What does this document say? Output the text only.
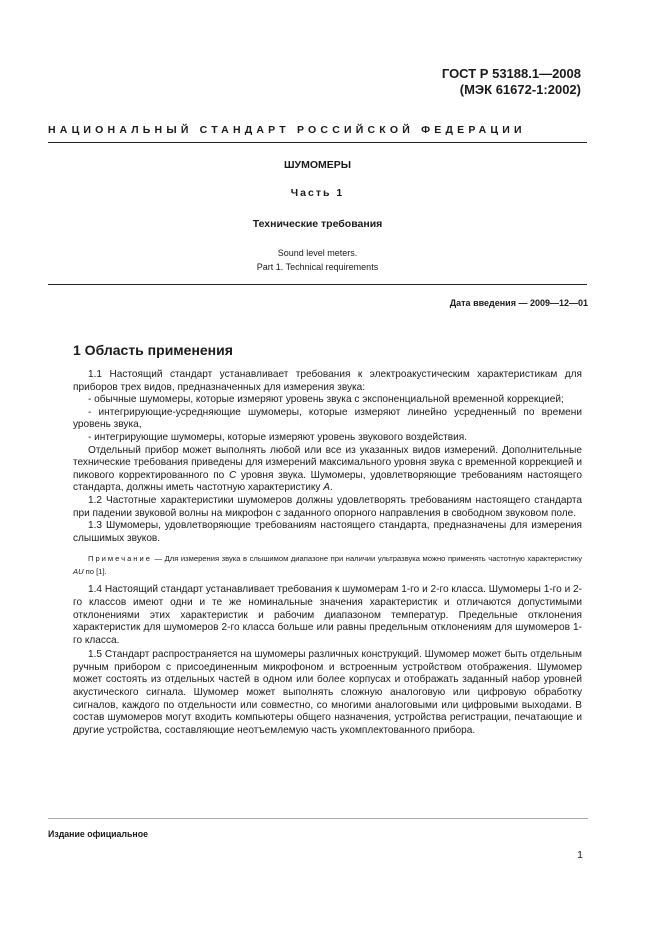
ГОСТ Р 53188.1—2008
(МЭК 61672-1:2002)
НАЦИОНАЛЬНЫЙ СТАНДАРТ РОССИЙСКОЙ ФЕДЕРАЦИИ
ШУМОМЕРЫ
Часть 1
Технические требования
Sound level meters.
Part 1. Technical requirements
Дата введения — 2009—12—01
1 Область применения

1.1 Настоящий стандарт устанавливает требования к электроакустическим характеристикам для приборов трех видов, предназначенных для измерения звука:

- обычные шумомеры, которые измеряют уровень звука с экспоненциальной временной коррекцией;

- интегрирующие-усредняющие шумомеры, которые измеряют линейно усредненный по времени уровень звука,

- интегрирующие шумомеры, которые измеряют уровень звукового воздействия.

Отдельный прибор может выполнять любой или все из указанных видов измерений. Дополнительные технические требования приведены для измерений максимального уровня звука с временной коррекцией и пикового корректированного по С уровня звука. Шумомеры, удовлетворяющие требованиям настоящего стандарта, должны иметь частотную характеристику А.

1.2 Частотные характеристики шумомеров должны удовлетворять требованиям настоящего стандарта при падении звуковой волны на микрофон с заданного опорного направления в свободном звуковом поле.

1.3 Шумомеры, удовлетворяющие требованиям настоящего стандарта, предназначены для измерения слышимых звуков.

Примечание — Для измерения звука в слышимом диапазоне при наличии ультразвука можно применять частотную характеристику AU по [1].

1.4 Настоящий стандарт устанавливает требования к шумомерам 1-го и 2-го класса. Шумомеры 1-го и 2-го классов имеют одни и те же номинальные значения характеристик и отличаются допустимыми отклонениями этих характеристик и рабочим диапазоном температур. Предельные отклонения характеристик для шумомеров 2-го класса больше или равны предельным отклонениям для шумомеров 1-го класса.

1.5 Стандарт распространяется на шумомеры различных конструкций. Шумомер может быть отдельным ручным прибором с присоединенным микрофоном и встроенным устройством отображения. Шумомер может состоять из отдельных частей в одном или более корпусах и отображать заданный набор уровней акустического сигнала. Шумомер может выполнять сложную аналоговую или цифровую обработку сигналов, каждого по отдельности или совместно, со многими аналоговыми или цифровыми выходами. В состав шумомеров могут входить компьютеры общего назначения, устройства регистрации, печатающие и другие устройства, составляющие неотъемлемую часть укомплектованного прибора.

Издание официальное
1
